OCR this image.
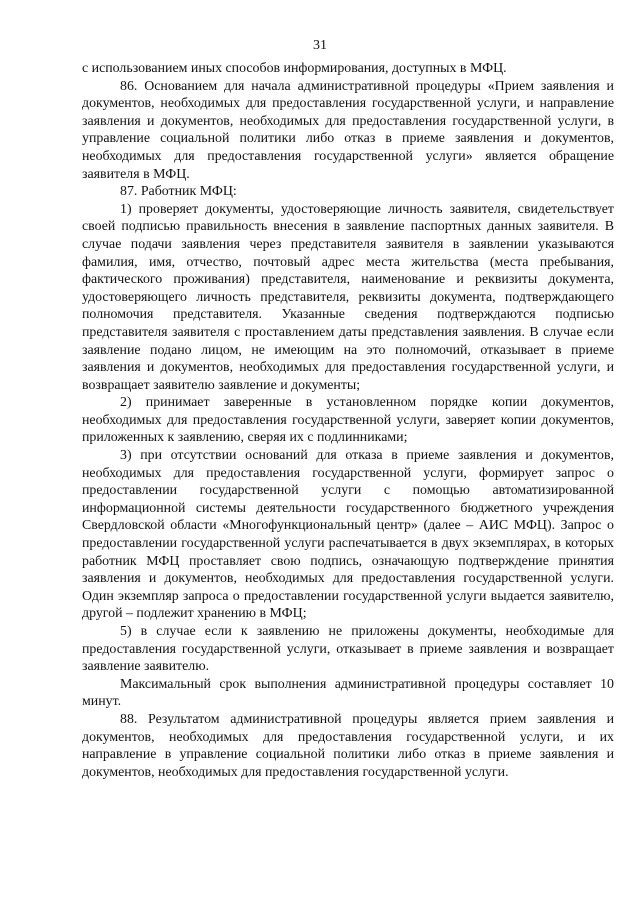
31

с использованием иных способов информирования, доступных в МФЦ.

86. Основанием для начала административной процедуры «Прием заявления и документов, необходимых для предоставления государственной услуги, и направление заявления и документов, необходимых для предоставления государственной услуги, в управление социальной политики либо отказ в приеме заявления и документов, необходимых для предоставления государственной услуги» является обращение заявителя в МФЦ.

87. Работник МФЦ:

1) проверяет документы, удостоверяющие личность заявителя, свидетельствует своей подписью правильность внесения в заявление паспортных данных заявителя. В случае подачи заявления через представителя заявителя в заявлении указываются фамилия, имя, отчество, почтовый адрес места жительства (места пребывания, фактического проживания) представителя, наименование и реквизиты документа, удостоверяющего личность представителя, реквизиты документа, подтверждающего полномочия представителя. Указанные сведения подтверждаются подписью представителя заявителя с проставлением даты представления заявления. В случае если заявление подано лицом, не имеющим на это полномочий, отказывает в приеме заявления и документов, необходимых для предоставления государственной услуги, и возвращает заявителю заявление и документы;

2) принимает заверенные в установленном порядке копии документов, необходимых для предоставления государственной услуги, заверяет копии документов, приложенных к заявлению, сверяя их с подлинниками;

3) при отсутствии оснований для отказа в приеме заявления и документов, необходимых для предоставления государственной услуги, формирует запрос о предоставлении государственной услуги с помощью автоматизированной информационной системы деятельности государственного бюджетного учреждения Свердловской области «Многофункциональный центр» (далее – АИС МФЦ). Запрос о предоставлении государственной услуги распечатывается в двух экземплярах, в которых работник МФЦ проставляет свою подпись, означающую подтверждение принятия заявления и документов, необходимых для предоставления государственной услуги. Один экземпляр запроса о предоставлении государственной услуги выдается заявителю, другой – подлежит хранению в МФЦ;

5) в случае если к заявлению не приложены документы, необходимые для предоставления государственной услуги, отказывает в приеме заявления и возвращает заявление заявителю.

Максимальный срок выполнения административной процедуры составляет 10 минут.

88. Результатом административной процедуры является прием заявления и документов, необходимых для предоставления государственной услуги, и их направление в управление социальной политики либо отказ в приеме заявления и документов, необходимых для предоставления государственной услуги.
